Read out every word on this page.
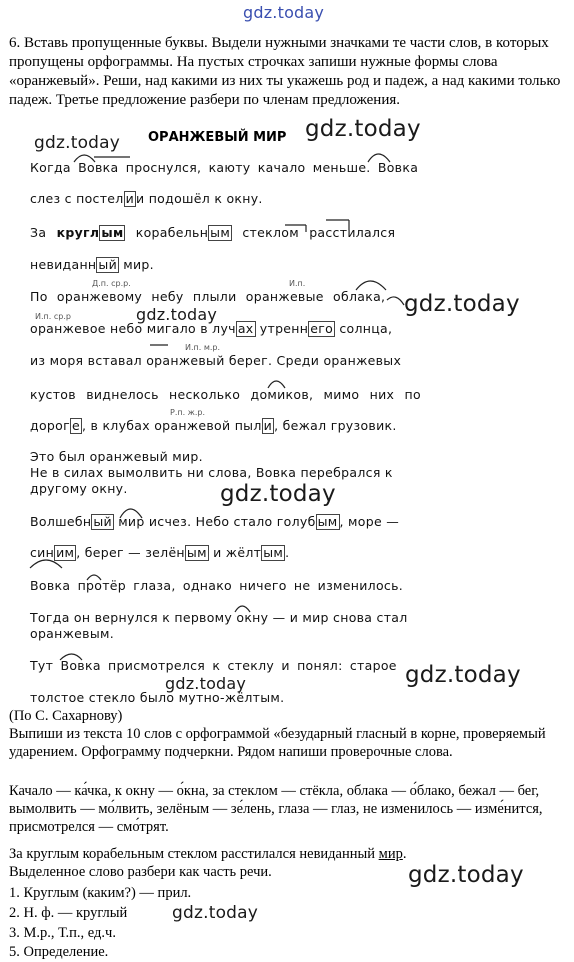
gdz.today
gdz.today
gdz.today
gdz.today
gdz.today
gdz.today
gdz.today
gdz.today
gdz.today
gdz.today
6. Вставь пропущенные буквы. Выдели нужными значками те части слов, в которых пропущены орфограммы. На пустых строчках запиши нужные формы слова «оранжевый». Реши, над какими из них ты укажешь род и падеж, а над какими только падеж. Третье предложение разбери по членам предложения.
ОРАНЖЕВЫЙ МИР
Когда Вовка проснулся, каюту качало меньше. Вовка
слез с постел и и подошёл к окну.
За кругл ым корабельн ым стеклом расстилался
невиданн ый мир.
Д.п. ср.р.	И.п.
По оранжевому небу плыли оранжевые облака,
И.п. ср.р
оранжевое небо мигало в луч ах утренн его солнца,
И.п. м.р.
из моря вставал оранжевый берег. Среди оранжевых
кустов виднелось несколько домиков, мимо них по
Р.п. ж.р.
дорог е , в клубах оранжевой пыл и , бежал грузовик.
Это был оранжевый мир.
Не в силах вымолвить ни слова, Вовка перебрался к
другому окну.
Волшебн ый мир исчез. Небо стало голуб ым , море —
син им , берег — зелён ым и жёлт ым .
Вовка протёр глаза, однако ничего не изменилось.
Тогда он вернулся к первому окну — и мир снова стал
оранжевым.
Тут Вовка присмотрелся к стеклу и понял: старое
толстое стекло было мутно-жёлтым.
(По С. Сахарнову)
Выпиши из текста 10 слов с орфограммой «безударный гласный в корне, проверяемый ударением. Орфограмму подчеркни. Рядом напиши проверочные слова.
Качало — ка́чка, к окну — о́кна, за стеклом — стёкла, облака — о́блако, бежал — бег, вымолвить — мо́лвить, зелёным — зе́лень, глаза — глаз, не изменилось — изме́нится, присмотрелся — смо́трят.
За круглым корабельным стеклом расстилался невиданный мир.
Выделенное слово разбери как часть речи.
1. Круглым (каким?) — прил.
2. Н. ф. — круглый
3. М.р., Т.п., ед.ч.
5. Определение.
